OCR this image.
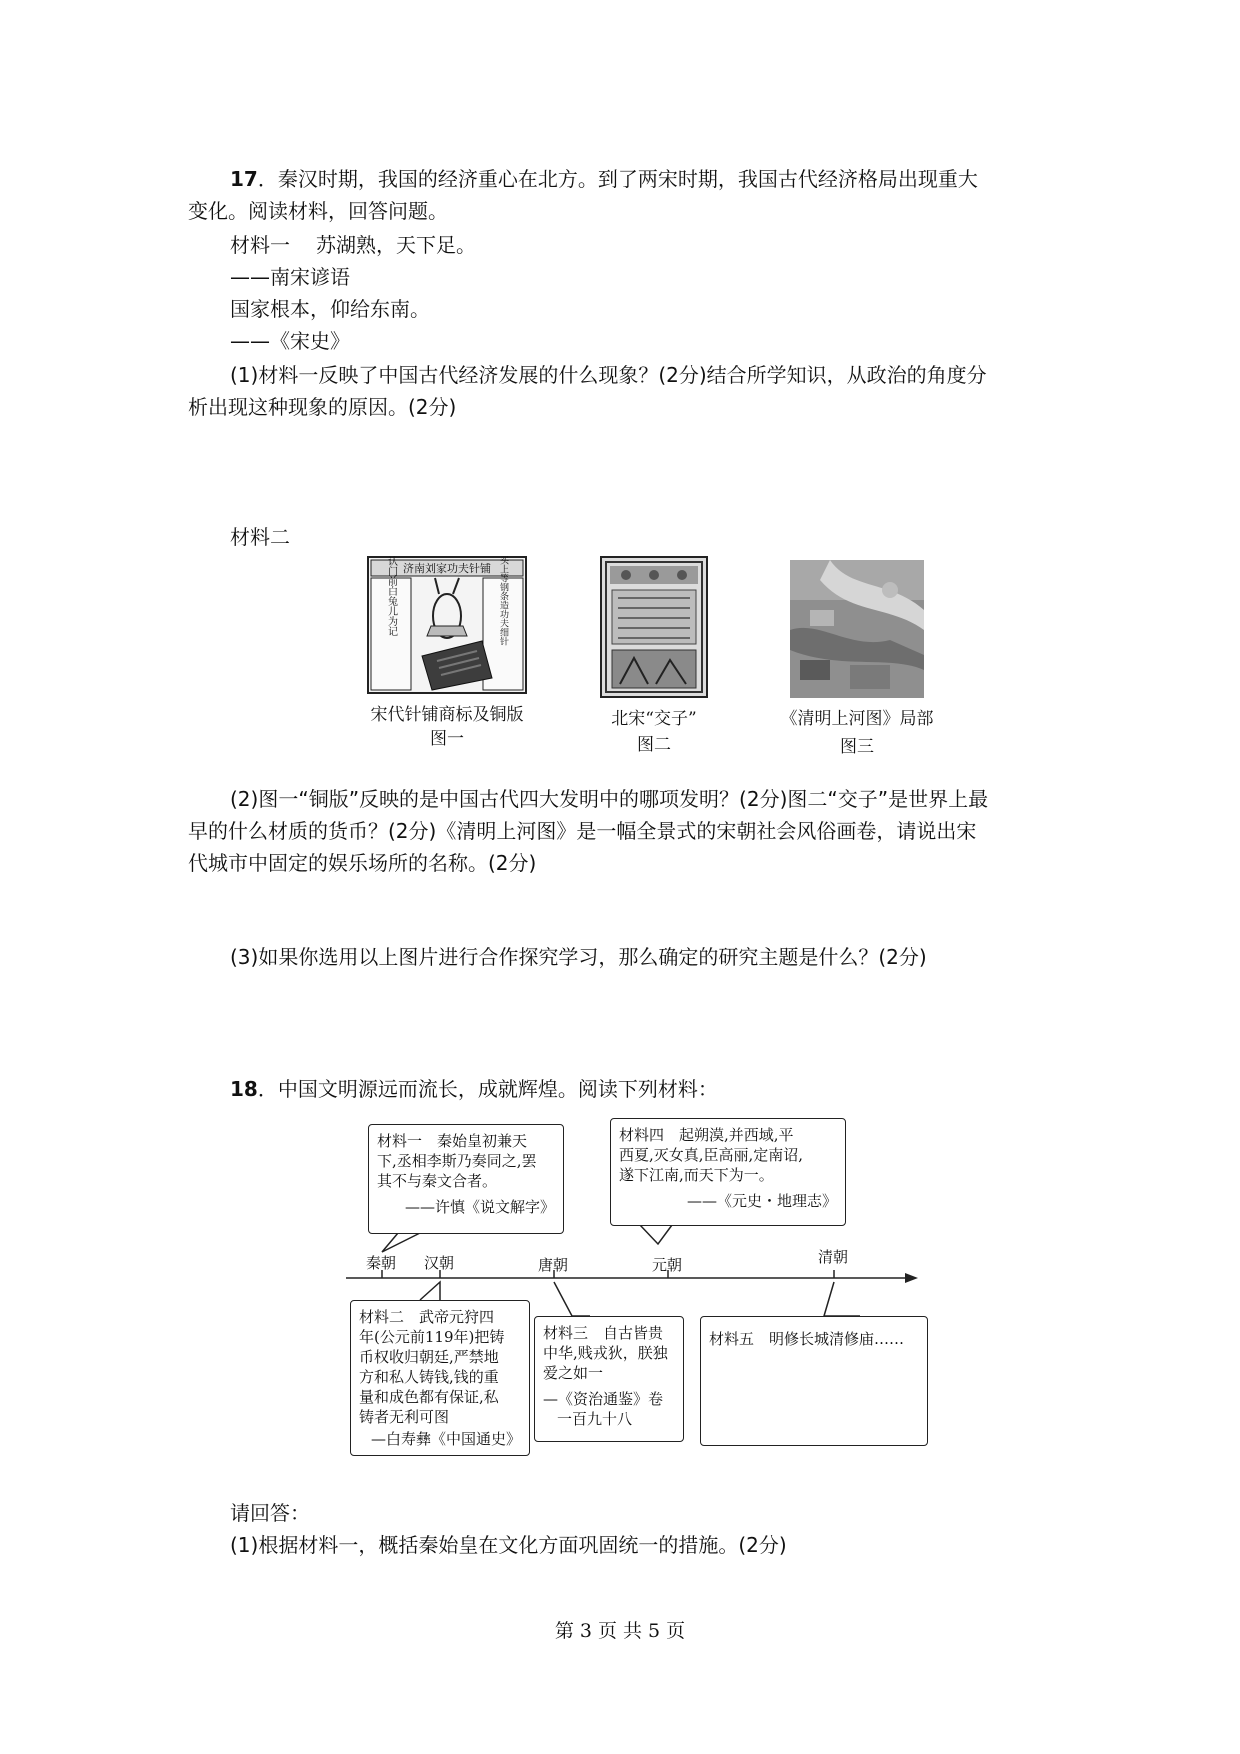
17．秦汉时期，我国的经济重心在北方。到了两宋时期，我国古代经济格局出现重大
变化。阅读材料，回答问题。
材料一 苏湖熟，天下足。
——南宋谚语
国家根本，仰给东南。
——《宋史》
(1)材料一反映了中国古代经济发展的什么现象？(2分)结合所学知识，从政治的角度分
析出现这种现象的原因。(2分)
材料二
济南刘家功夫针铺
认门前白兔儿为记	收买上等钢条造功夫细针
宋代针铺商标及铜版
图一
北宋“交子”
图二
《清明上河图》局部
图三
(2)图一“铜版”反映的是中国古代四大发明中的哪项发明？(2分)图二“交子”是世界上最
早的什么材质的货币？(2分)《清明上河图》是一幅全景式的宋朝社会风俗画卷，请说出宋
代城市中固定的娱乐场所的名称。(2分)
(3)如果你选用以上图片进行合作探究学习，那么确定的研究主题是什么？(2分)
18．中国文明源远而流长，成就辉煌。阅读下列材料：
秦朝 汉朝	唐朝	元朝	清朝
材料一　秦始皇初兼天
下,丞相李斯乃奏同之,罢
其不与秦文合者。
——许慎《说文解字》
材料四　起朔漠,并西域,平
西夏,灭女真,臣高丽,定南诏,
遂下江南,而天下为一。
——《元史・地理志》
材料二　武帝元狩四
年(公元前119年)把铸
币权收归朝廷,严禁地
方和私人铸钱,钱的重
量和成色都有保证,私
铸者无利可图
—白寿彝《中国通史》
材料三　自古皆贵
中华,贱戎狄，朕独
爱之如一
—《资治通鉴》卷
一百九十八
材料五　明修长城清修庙……
请回答：
(1)根据材料一，概括秦始皇在文化方面巩固统一的措施。(2分)
第 3 页 共 5 页
